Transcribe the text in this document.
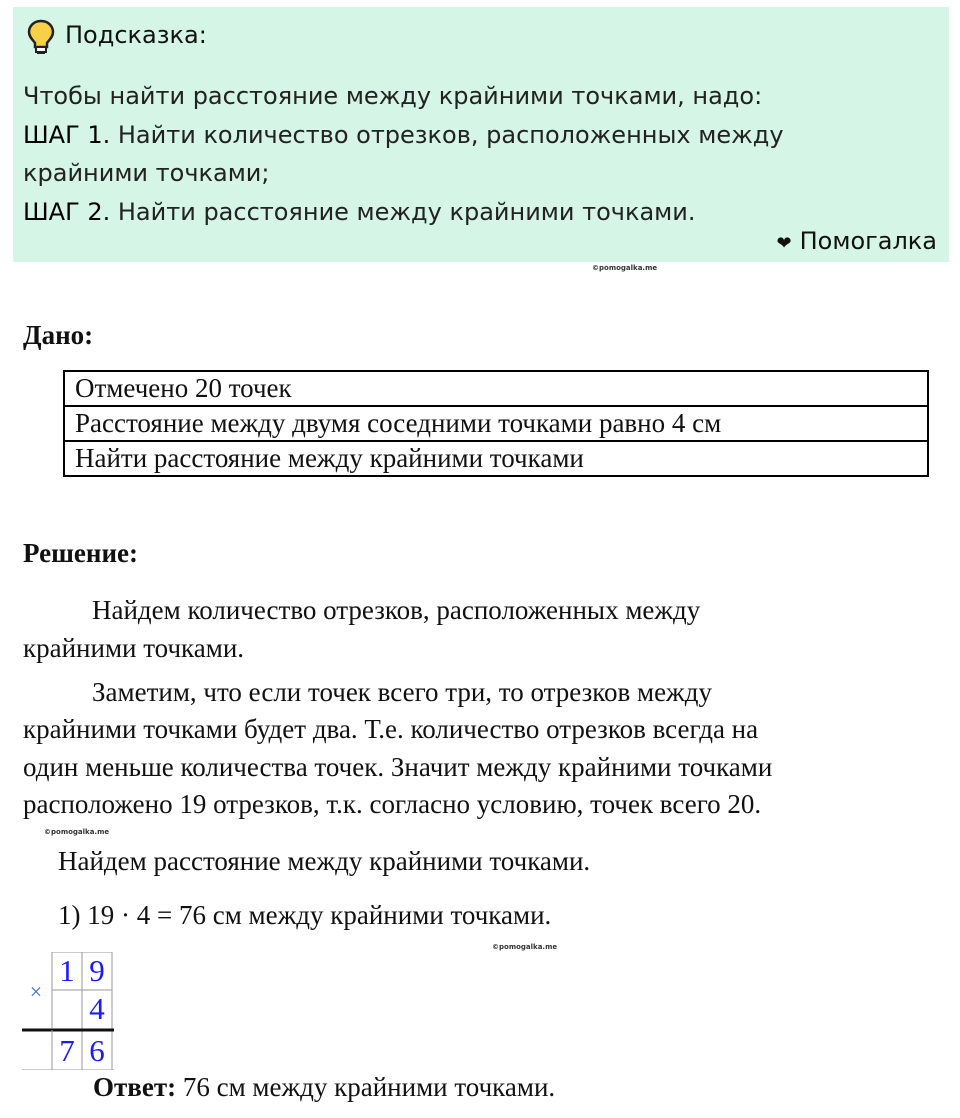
Подсказка:
Чтобы найти расстояние между крайними точками, надо:
ШАГ 1. Найти количество отрезков, расположенных между
крайними точками;
ШАГ 2. Найти расстояние между крайними точками.
❤ Помогалка
©pomogalka.me
Дано:
Отмечено 20 точек
Расстояние между двумя соседними точками равно 4 см
Найти расстояние между крайними точками
Решение:
Найдем количество отрезков, расположенных между
крайними точками.
Заметим, что если точек всего три, то отрезков между
крайними точками будет два. Т.е. количество отрезков всегда на
один меньше количества точек. Значит между крайними точками
расположено 19 отрезков, т.к. согласно условию, точек всего 20.
©pomogalka.me
Найдем расстояние между крайними точками.
1) 19 · 4 = 76 см между крайними точками.
©pomogalka.me
×
1 9
4
7 6
Ответ: 76 см между крайними точками.
